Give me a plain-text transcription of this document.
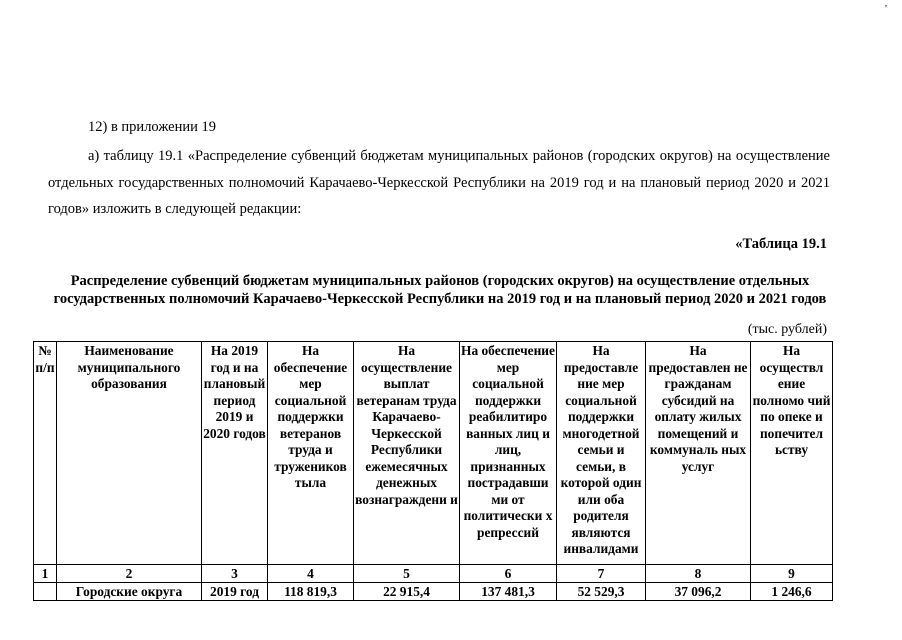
'

12) в приложении 19

а) таблицу 19.1 «Распределение субвенций бюджетам муниципальных районов (городских округов) на осуществление отдельных государственных полномочий Карачаево-Черкесской Республики на 2019 год и на плановый период 2020 и 2021 годов» изложить в следующей редакции:

«Таблица 19.1

Распределение субвенций бюджетам муниципальных районов (городских округов) на осуществление отдельных государственных полномочий Карачаево-Черкесской Республики на 2019 год и на плановый период 2020 и 2021 годов

(тыс. рублей)
№ п/п	Наименование муниципального образования	На 2019 год и на плановый период 2019 и 2020 годов	На обеспечение мер социальной поддержки ветеранов труда и тружеников тыла	На осуществление выплат ветеранам труда Карачаево-Черкесской Республики ежемесячных денежных вознаграждени и	На обеспечение мер социальной поддержки реабилитиро ванных лиц и лиц, признанных пострадавши ми от политически х репрессий	На предоставле ние мер социальной поддержки многодетной семьи и семьи, в которой один или оба родителя являются инвалидами	На предоставлен не гражданам субсидий на оплату жилых помещений и коммуналь ных услуг	На осуществл ение полномо чий по опеке и попечител ьству
1	2	3	4	5	6	7	8	9
	Городские округа	2019 год	118 819,3	22 915,4	137 481,3	52 529,3	37 096,2	1 246,6
